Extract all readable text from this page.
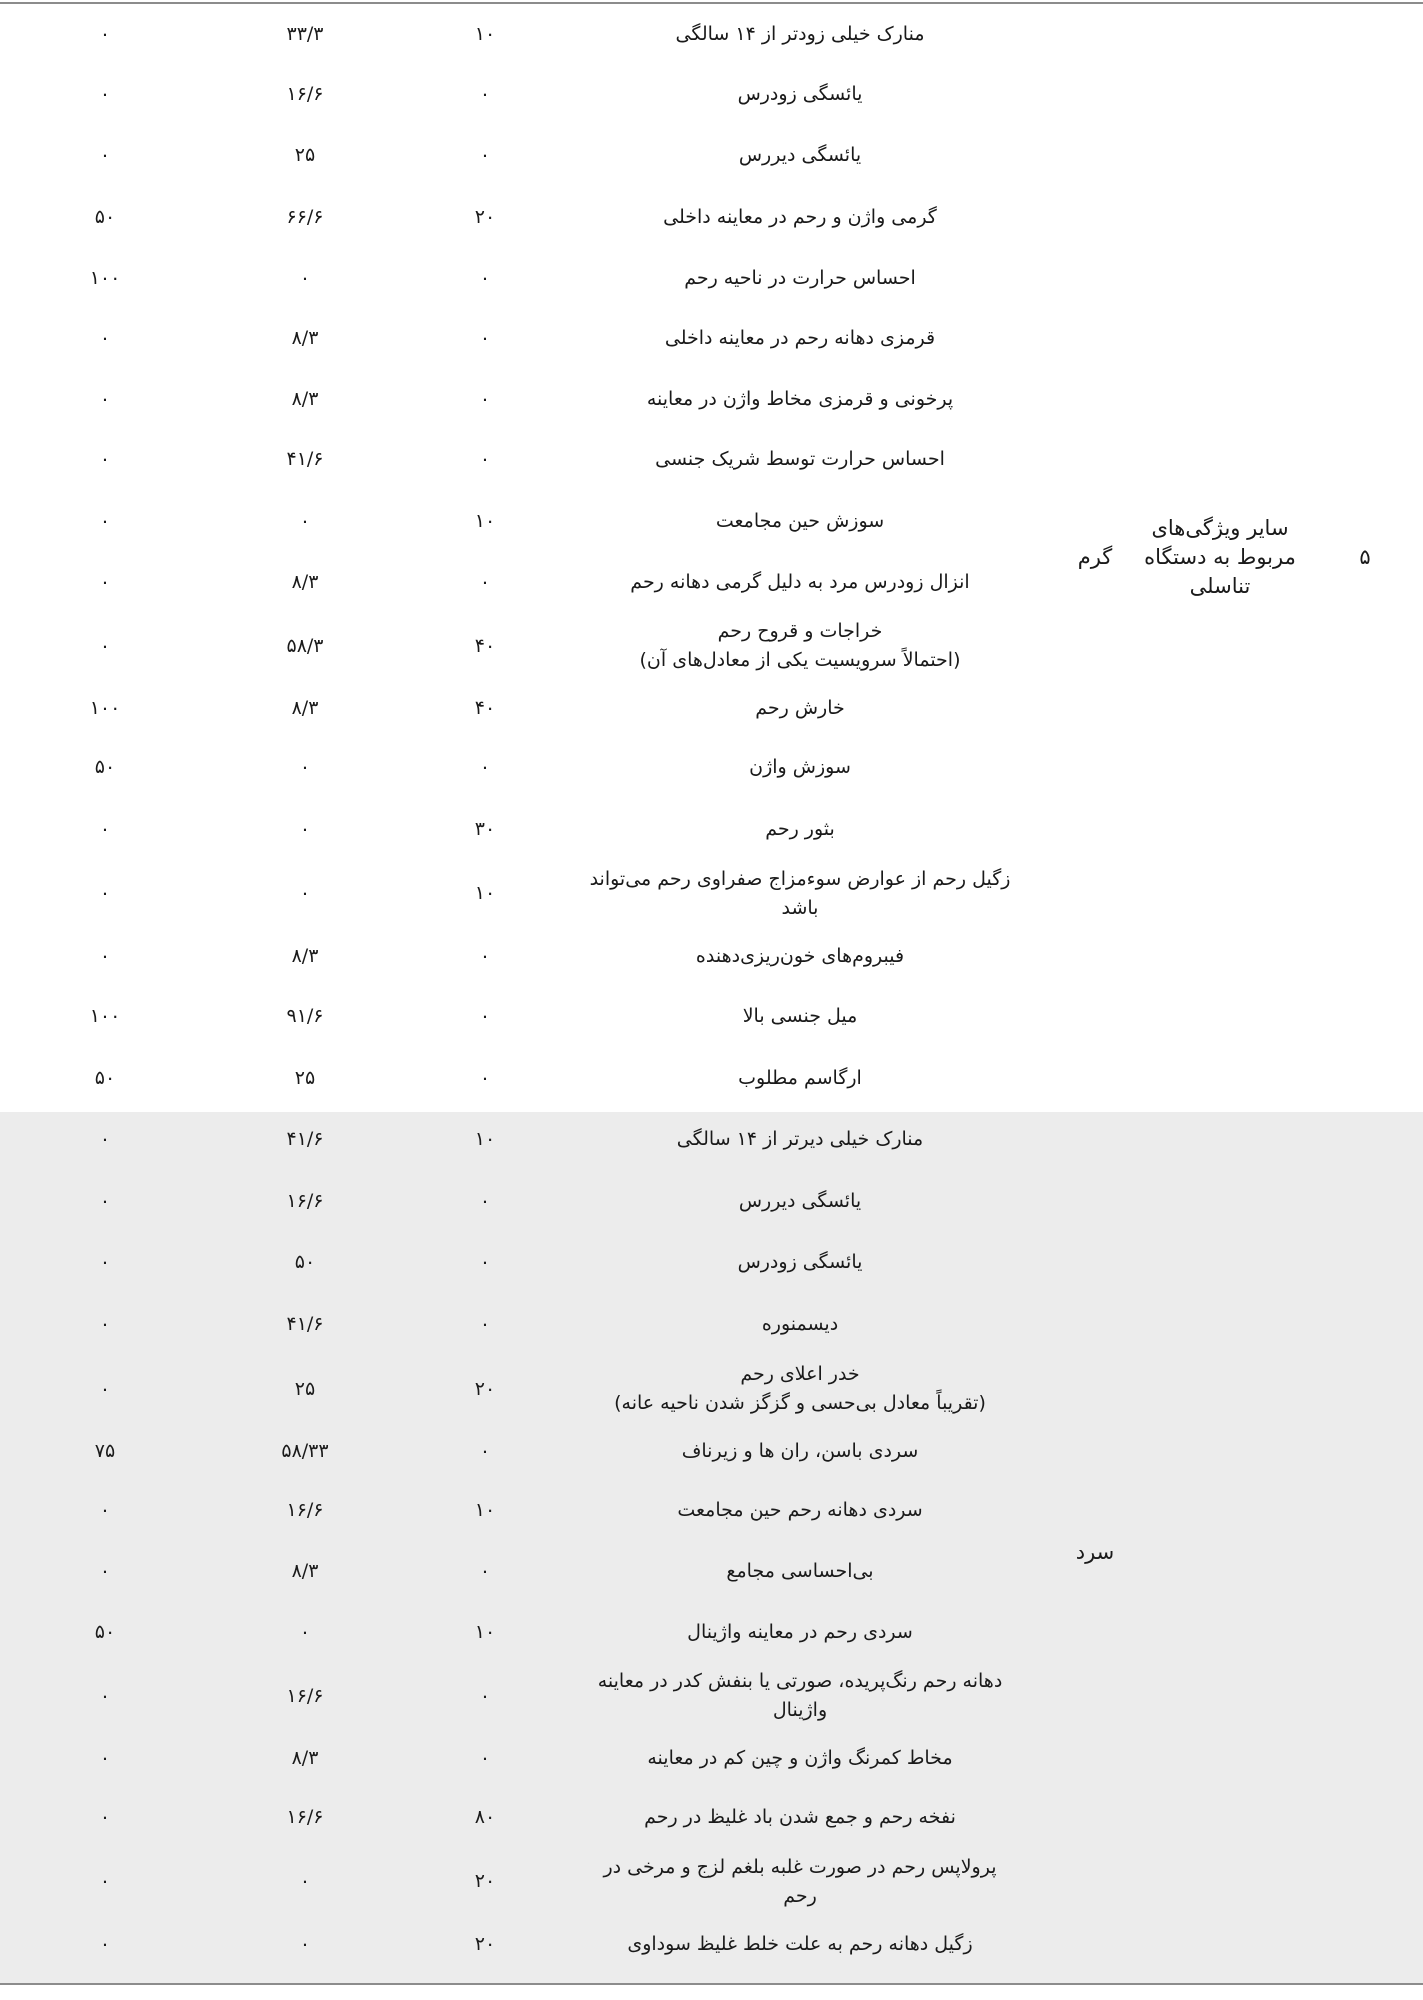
منارک خیلی زودتر از ۱۴ سالگی
۱۰
۳۳/۳
۰
یائسگی زودرس
۰
۱۶/۶
۰
یائسگی دیررس
۰
۲۵
۰
گرمی واژن و رحم در معاینه داخلی
۲۰
۶۶/۶
۵۰
احساس حرارت در ناحیه رحم
۰
۰
۱۰۰
قرمزی دهانه رحم در معاینه داخلی
۰
۸/۳
۰
پرخونی و قرمزی مخاط واژن در معاینه
۰
۸/۳
۰
احساس حرارت توسط شریک جنسی
۰
۴۱/۶
۰
سوزش حین مجامعت
۱۰
۰
۰
انزال زودرس مرد به دلیل گرمی دهانه رحم
۰
۸/۳
۰
خراجات و قروح رحم
(احتمالاً سرویسیت یکی از معادل‌های آن)
۴۰
۵۸/۳
۰
خارش رحم
۴۰
۸/۳
۱۰۰
سوزش واژن
۰
۰
۵۰
بثور رحم
۳۰
۰
۰
زگیل رحم از عوارض سوء‌مزاج صفراوی رحم می‌تواند
باشد
۱۰
۰
۰
فیبروم‌های خون‌ریزی‌دهنده
۰
۸/۳
۰
میل جنسی بالا
۰
۹۱/۶
۱۰۰
ارگاسم مطلوب
۰
۲۵
۵۰
منارک خیلی دیرتر از ۱۴ سالگی
۱۰
۴۱/۶
۰
یائسگی دیررس
۰
۱۶/۶
۰
یائسگی زودرس
۰
۵۰
۰
دیسمنوره
۰
۴۱/۶
۰
خدر اعلای رحم
(تقریباً معادل بی‌حسی و گزگز شدن ناحیه عانه)
۲۰
۲۵
۰
سردی باسن، ران ها و زیرناف
۰
۵۸/۳۳
۷۵
سردی دهانه رحم حین مجامعت
۱۰
۱۶/۶
۰
بی‌احساسی مجامع
۰
۸/۳
۰
سردی رحم در معاینه واژینال
۱۰
۰
۵۰
دهانه رحم رنگ‌پریده، صورتی یا بنفش کدر در معاینه
واژینال
۰
۱۶/۶
۰
مخاط کمرنگ واژن و چین کم در معاینه
۰
۸/۳
۰
نفخه رحم و جمع شدن باد غلیظ در رحم
۸۰
۱۶/۶
۰
پرولاپس رحم در صورت غلبه بلغم لزج و مرخی در
رحم
۲۰
۰
۰
زگیل دهانه رحم به علت خلط غلیظ سوداوی
۲۰
۰
۰
۵
سایر ویژگی‌های
مربوط به دستگاه
تناسلی
گرم
سرد
